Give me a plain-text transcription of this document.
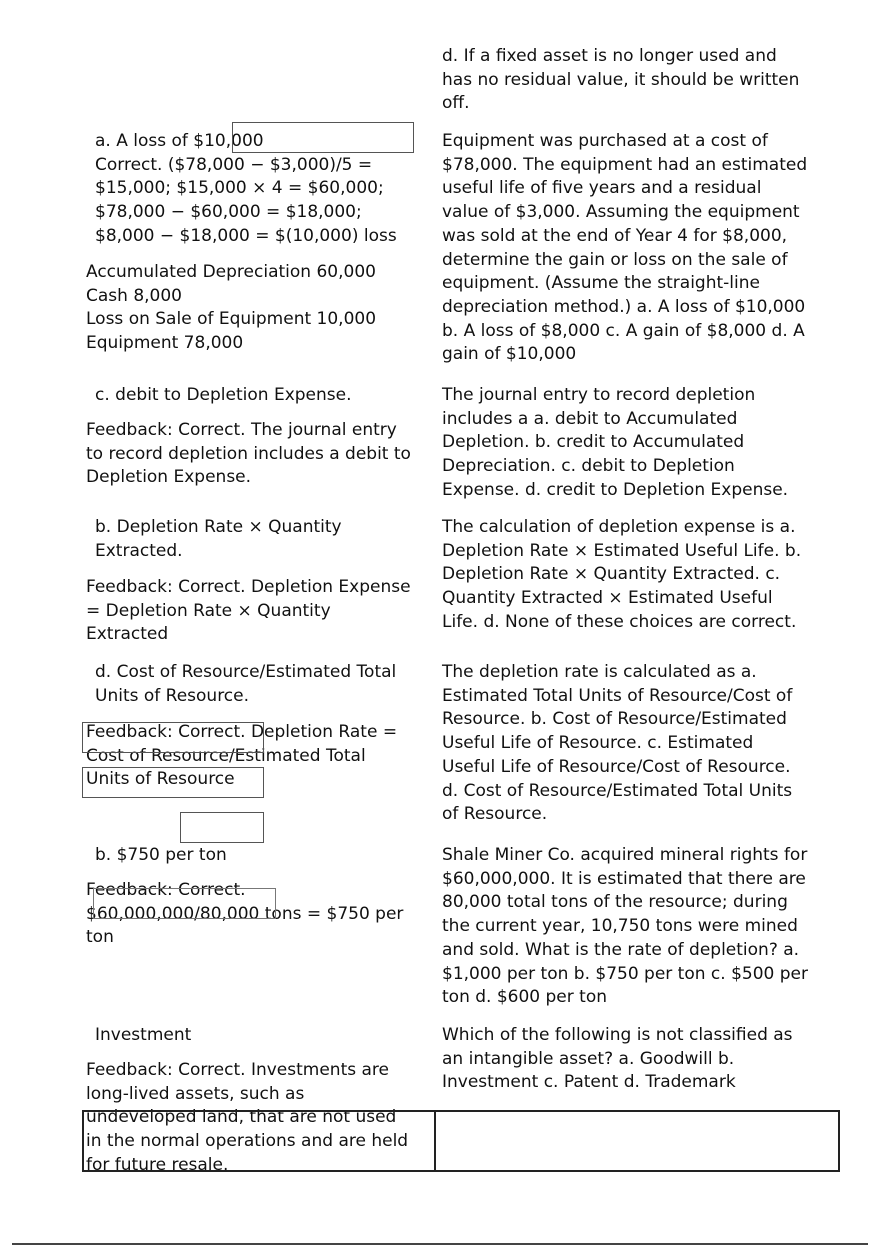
d. If a fixed asset is no longer used and
has no residual value, it should be written
off.
a. A loss of $10,000
Correct. ($78,000 − $3,000)/5 =
$15,000; $15,000 × 4 = $60,000;
$78,000 − $60,000 = $18,000;
$8,000 − $18,000 = $(10,000) loss
Accumulated Depreciation 60,000
Cash 8,000
Loss on Sale of Equipment 10,000
Equipment 78,000
Equipment was purchased at a cost of
$78,000. The equipment had an estimated
useful life of five years and a residual
value of $3,000. Assuming the equipment
was sold at the end of Year 4 for $8,000,
determine the gain or loss on the sale of
equipment. (Assume the straight-line
depreciation method.) a. A loss of $10,000
b. A loss of $8,000 c. A gain of $8,000 d. A
gain of $10,000
c. debit to Depletion Expense.
Feedback: Correct. The journal entry
to record depletion includes a debit to
Depletion Expense.
The journal entry to record depletion
includes a a. debit to Accumulated
Depletion. b. credit to Accumulated
Depreciation. c. debit to Depletion
Expense. d. credit to Depletion Expense.
b. Depletion Rate × Quantity
Extracted.
Feedback: Correct. Depletion Expense
= Depletion Rate × Quantity
Extracted
The calculation of depletion expense is a.
Depletion Rate × Estimated Useful Life. b.
Depletion Rate × Quantity Extracted. c.
Quantity Extracted × Estimated Useful
Life. d. None of these choices are correct.
d. Cost of Resource/Estimated Total
Units of Resource.
Feedback: Correct. Depletion Rate =
Cost of Resource/Estimated Total
Units of Resource
The depletion rate is calculated as a.
Estimated Total Units of Resource/Cost of
Resource. b. Cost of Resource/Estimated
Useful Life of Resource. c. Estimated
Useful Life of Resource/Cost of Resource.
d. Cost of Resource/Estimated Total Units
of Resource.
b. $750 per ton
Feedback: Correct.
$60,000,000/80,000 tons = $750 per
ton
Shale Miner Co. acquired mineral rights for
$60,000,000. It is estimated that there are
80,000 total tons of the resource; during
the current year, 10,750 tons were mined
and sold. What is the rate of depletion? a.
$1,000 per ton b. $750 per ton c. $500 per
ton d. $600 per ton
Investment
Feedback: Correct. Investments are
long-lived assets, such as
undeveloped land, that are not used
in the normal operations and are held
for future resale.
Which of the following is not classified as
an intangible asset? a. Goodwill b.
Investment c. Patent d. Trademark
